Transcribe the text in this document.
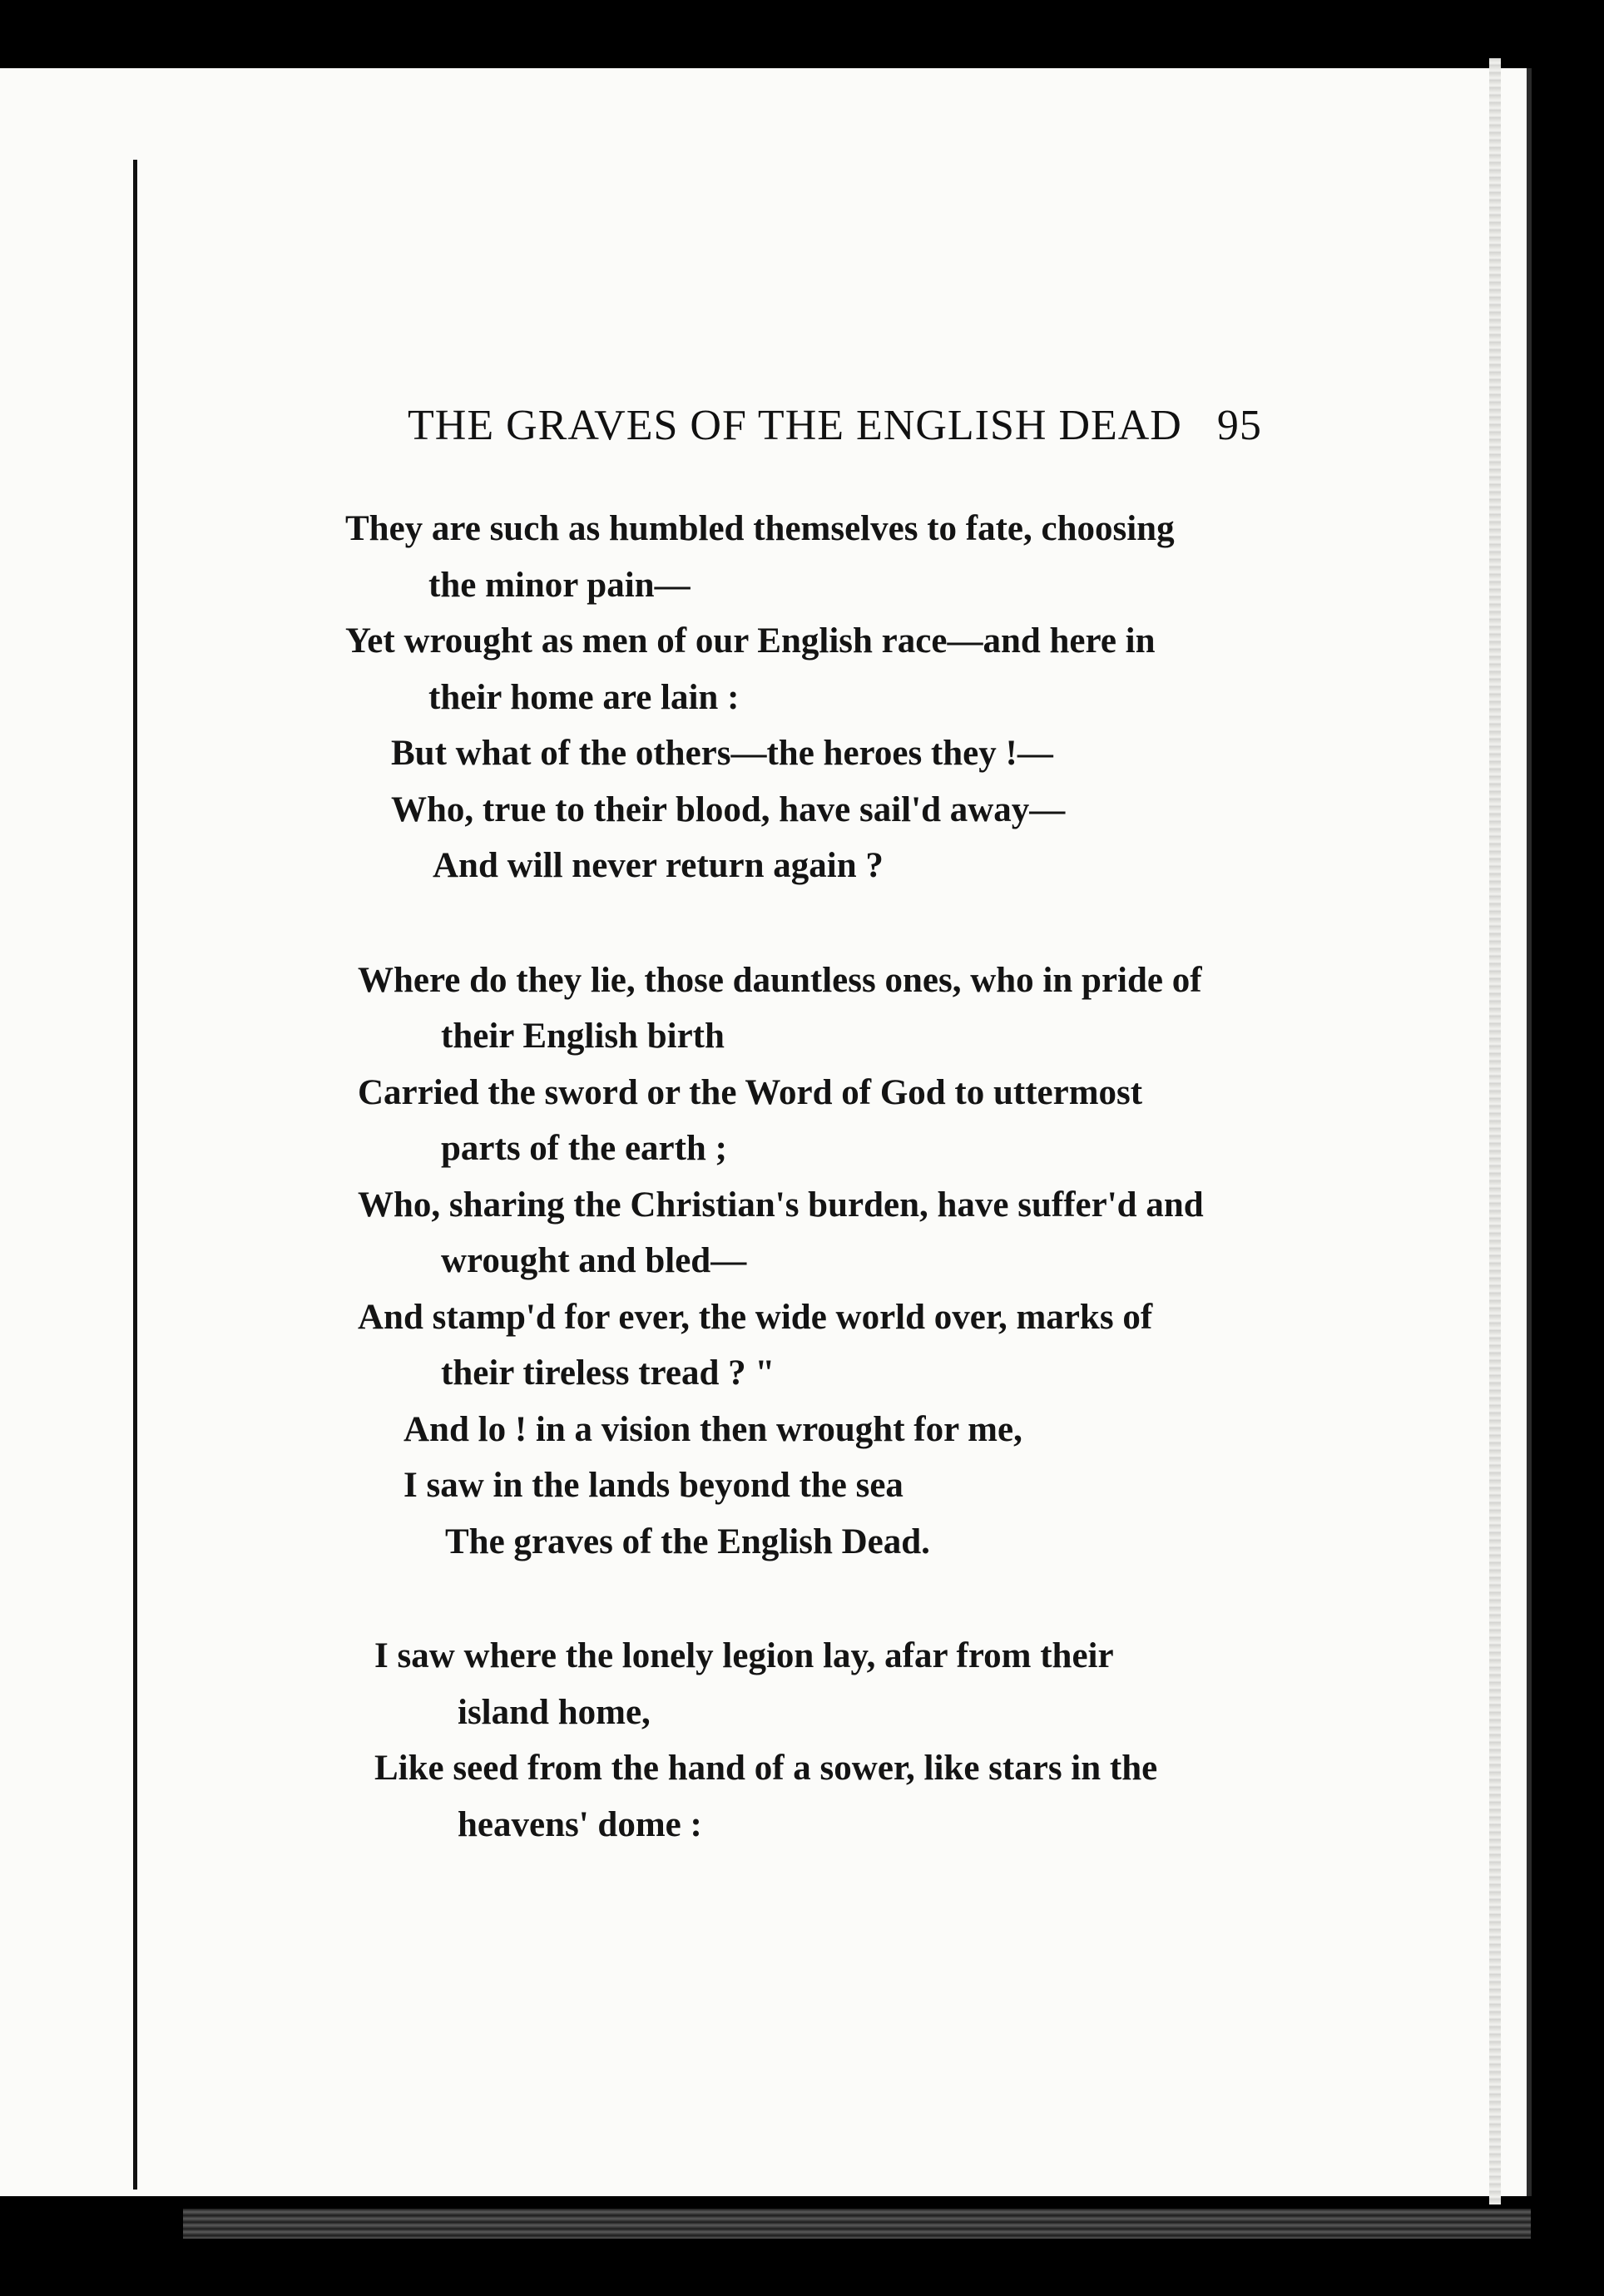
THE GRAVES OF THE ENGLISH DEAD 95
They are such as humbled themselves to fate, choosing
the minor pain—
Yet wrought as men of our English race—and here in
their home are lain :
But what of the others—the heroes they !—
Who, true to their blood, have sail'd away—
And will never return again ?
Where do they lie, those dauntless ones, who in pride of
their English birth
Carried the sword or the Word of God to uttermost
parts of the earth ;
Who, sharing the Christian's burden, have suffer'd and
wrought and bled—
And stamp'd for ever, the wide world over, marks of
their tireless tread ? "
And lo ! in a vision then wrought for me,
I saw in the lands beyond the sea
The graves of the English Dead.
I saw where the lonely legion lay, afar from their
island home,
Like seed from the hand of a sower, like stars in the
heavens' dome :
